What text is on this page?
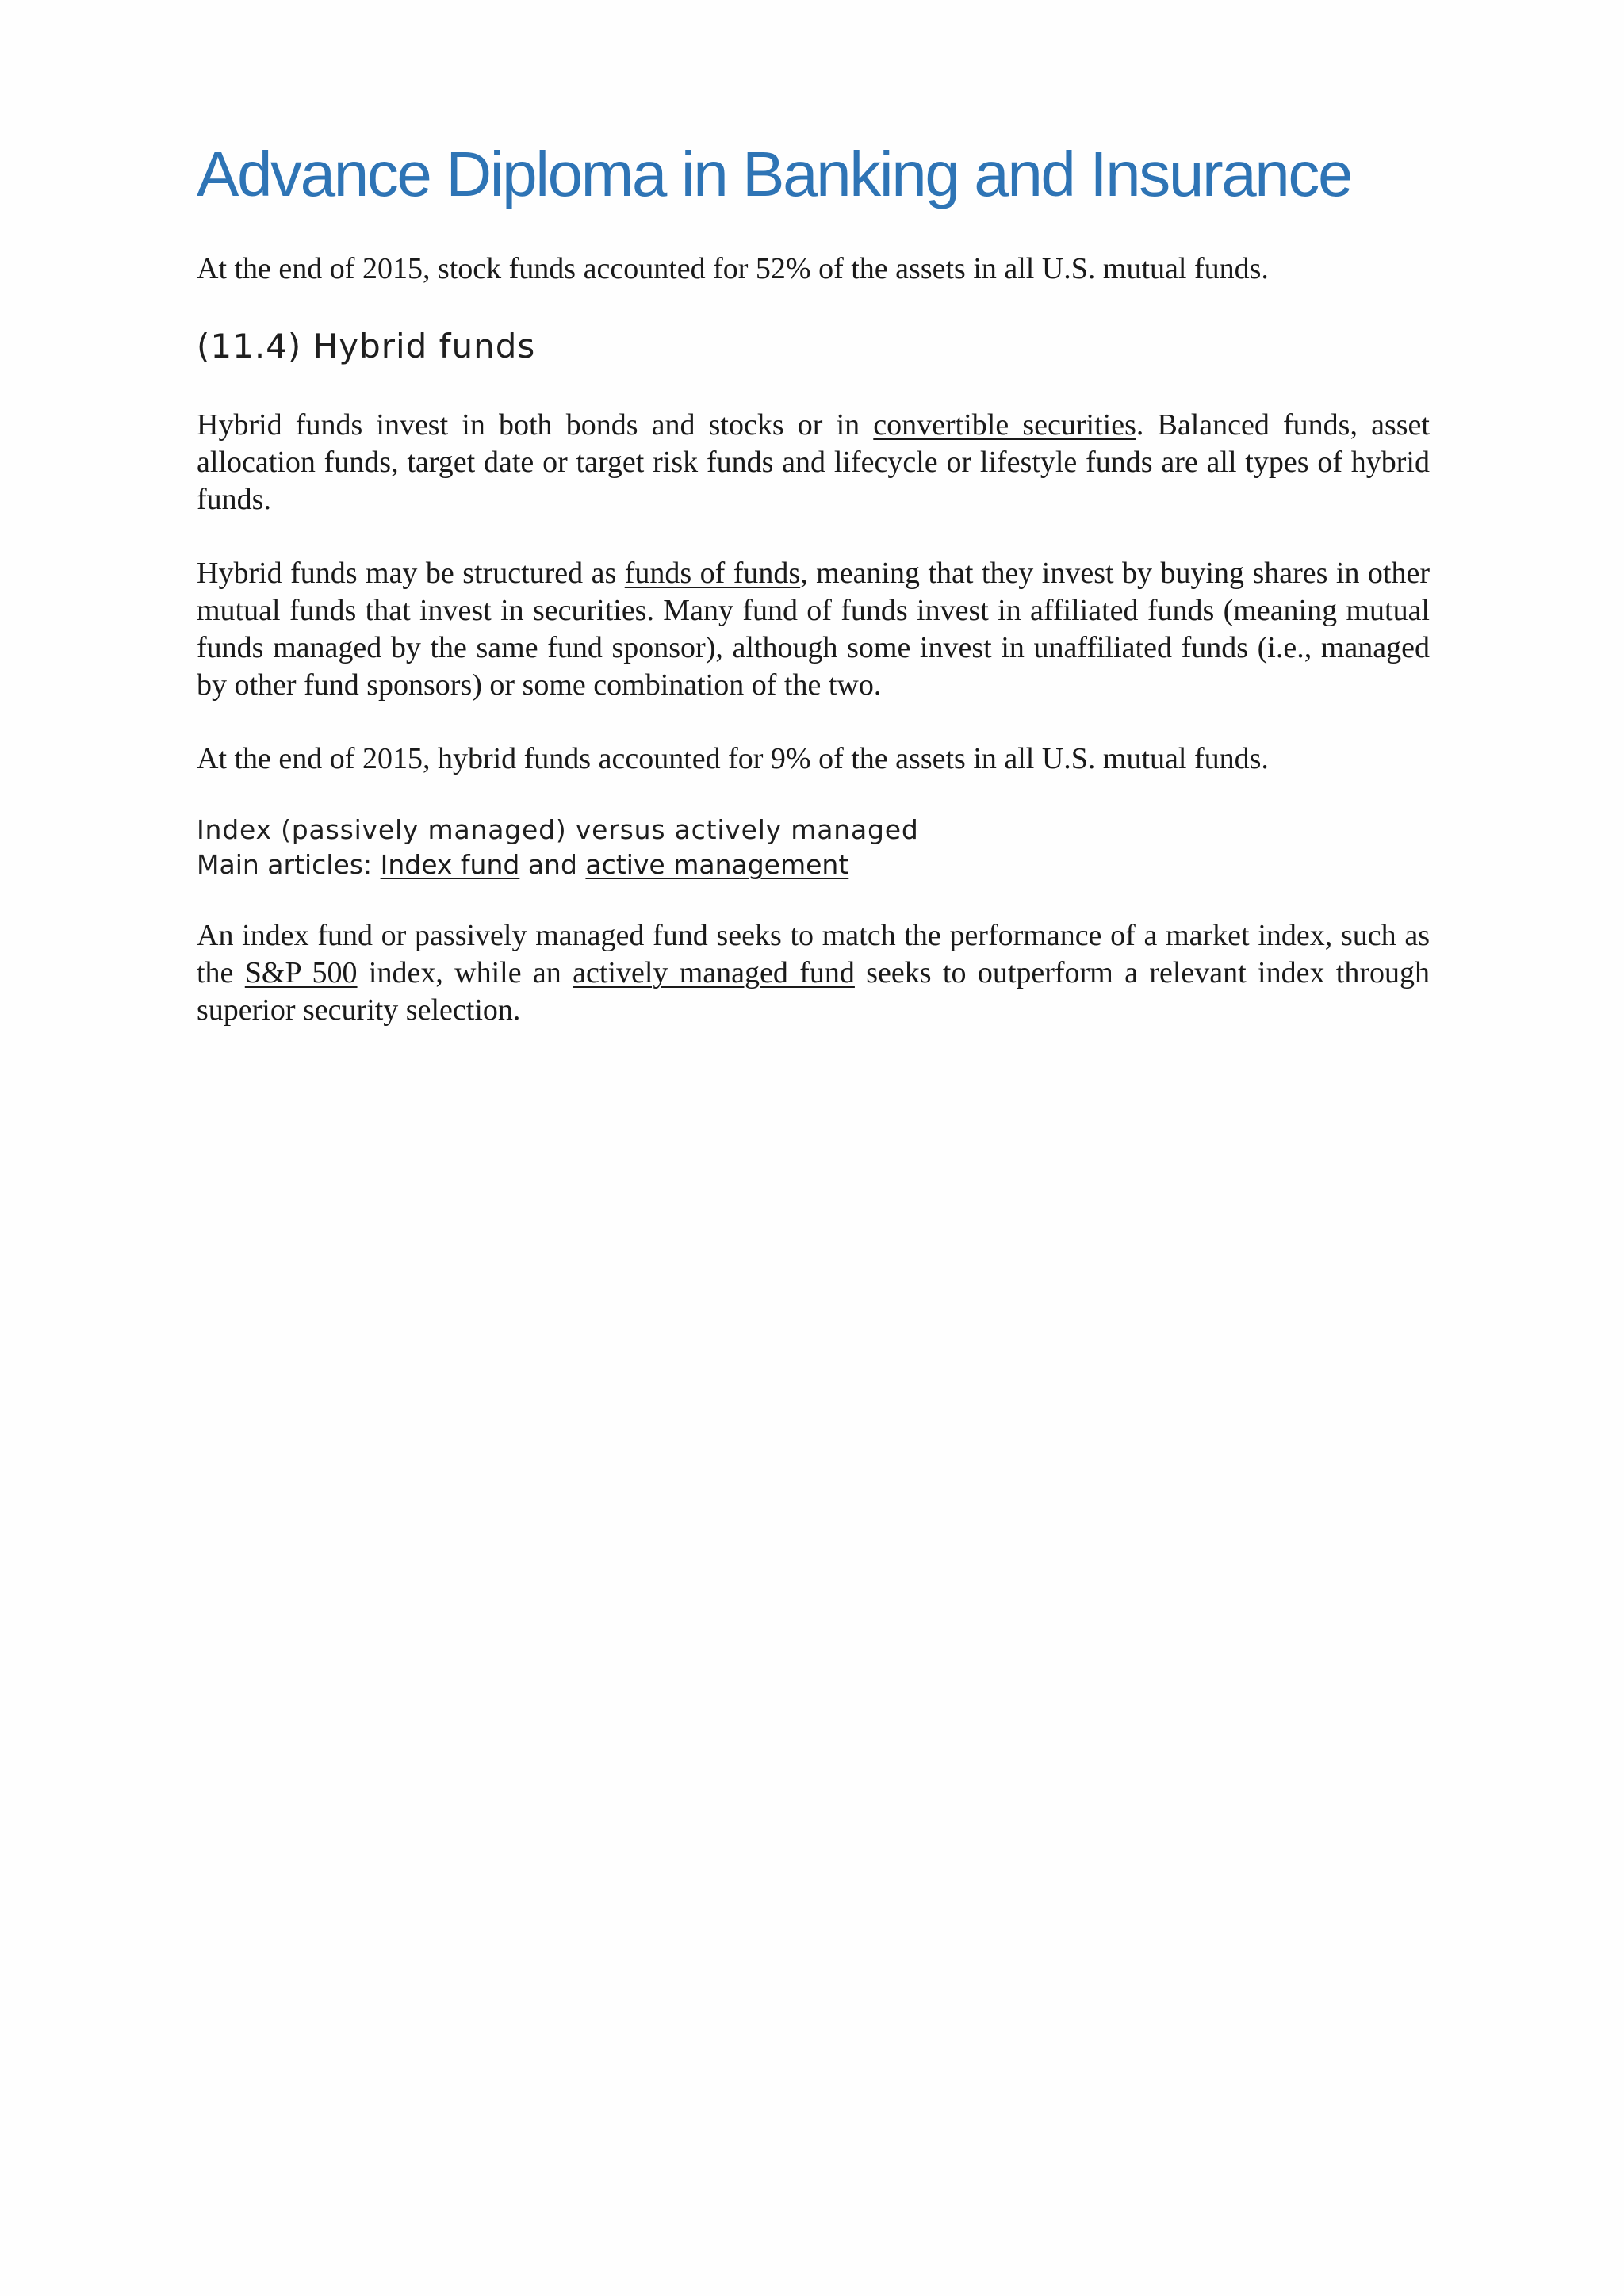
Advance Diploma in Banking and Insurance

At the end of 2015, stock funds accounted for 52% of the assets in all U.S. mutual funds.

(11.4) Hybrid funds

Hybrid funds invest in both bonds and stocks or in convertible securities. Balanced funds, asset allocation funds, target date or target risk funds and lifecycle or lifestyle funds are all types of hybrid funds.

Hybrid funds may be structured as funds of funds, meaning that they invest by buying shares in other mutual funds that invest in securities. Many fund of funds invest in affiliated funds (meaning mutual funds managed by the same fund sponsor), although some invest in unaffiliated funds (i.e., managed by other fund sponsors) or some combination of the two.

At the end of 2015, hybrid funds accounted for 9% of the assets in all U.S. mutual funds.

Index (passively managed) versus actively managed

Main articles: Index fund and active management

An index fund or passively managed fund seeks to match the performance of a market index, such as the S&P 500 index, while an actively managed fund seeks to outperform a relevant index through superior security selection.
